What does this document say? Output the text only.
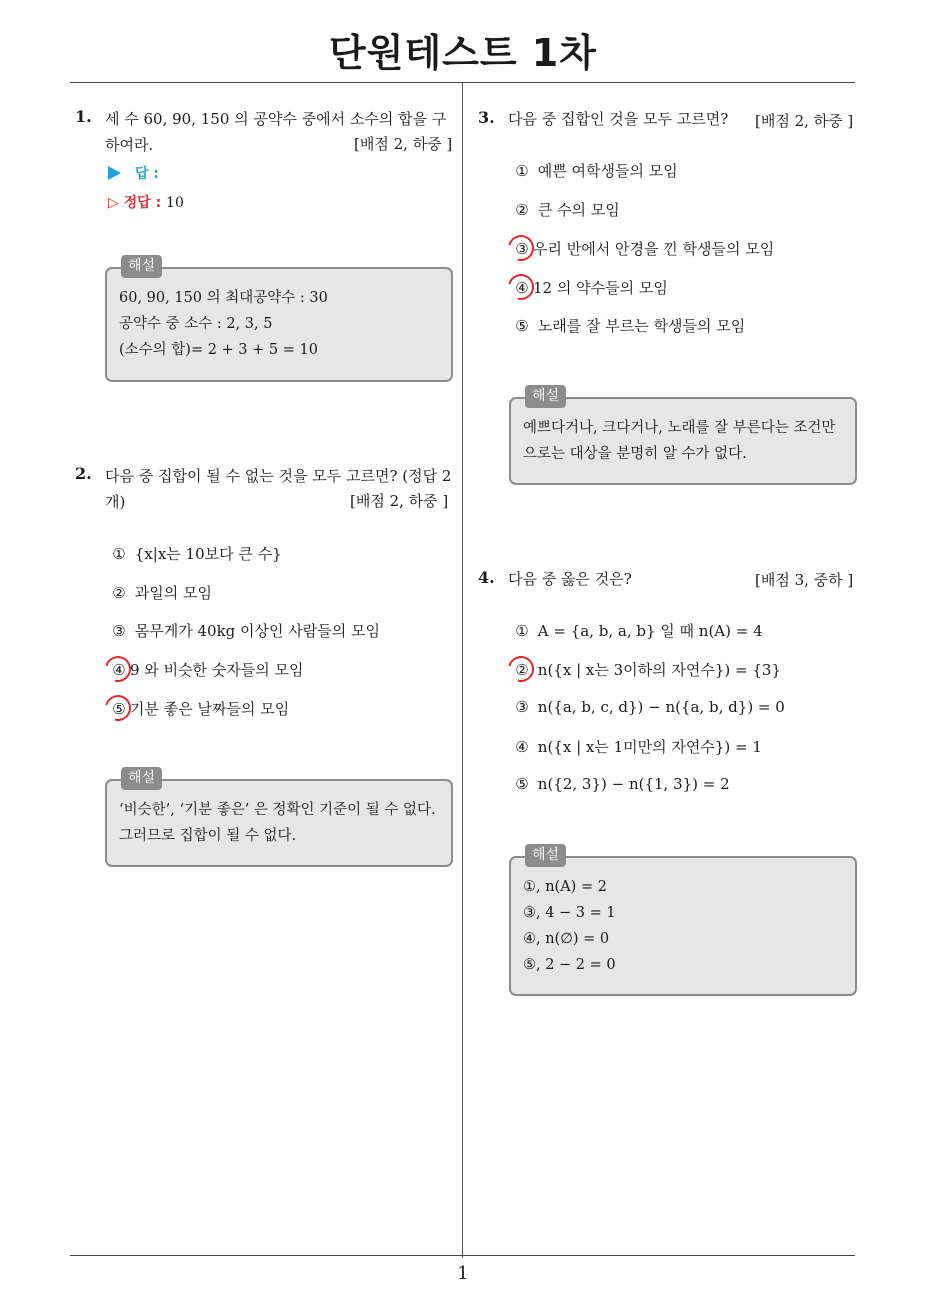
단원테스트 1차
1
1. 세 수 60, 90, 150 의 공약수 중에서 소수의 합을 구하여라.	[배점 2, 하중 ]
답 :
▷ 정답 : 10
해설
60, 90, 150 의 최대공약수 : 30
공약수 중 소수 : 2, 3, 5
(소수의 합)= 2 + 3 + 5 = 10
2. 다음 중 집합이 될 수 없는 것을 모두 고르면? (정답 2개)	[배점 2, 하중 ]
① {x|x는 10보다 큰 수}
② 과일의 모임
③ 몸무게가 40kg 이상인 사람들의 모임
④ 9 와 비슷한 숫자들의 모임
⑤ 기분 좋은 날짜들의 모임
해설
‘비슷한’, ‘기분 좋은’ 은 정확인 기준이 될 수 없다. 그러므로 집합이 될 수 없다.
3. 다음 중 집합인 것을 모두 고르면?	[배점 2, 하중 ]
① 예쁜 여학생들의 모임
② 큰 수의 모임
③ 우리 반에서 안경을 낀 학생들의 모임
④ 12 의 약수들의 모임
⑤ 노래를 잘 부르는 학생들의 모임
해설
예쁘다거나, 크다거나, 노래를 잘 부른다는 조건만으로는 대상을 분명히 알 수가 없다.
4. 다음 중 옳은 것은?	[배점 3, 중하 ]
① A = {a, b, a, b} 일 때 n(A) = 4
② n({x | x는 3이하의 자연수}) = {3}
③ n({a, b, c, d}) − n({a, b, d}) = 0
④ n({x | x는 1미만의 자연수}) = 1
⑤ n({2, 3}) − n({1, 3}) = 2
해설
①, n(A) = 2
③, 4 − 3 = 1
④, n(∅) = 0
⑤, 2 − 2 = 0
